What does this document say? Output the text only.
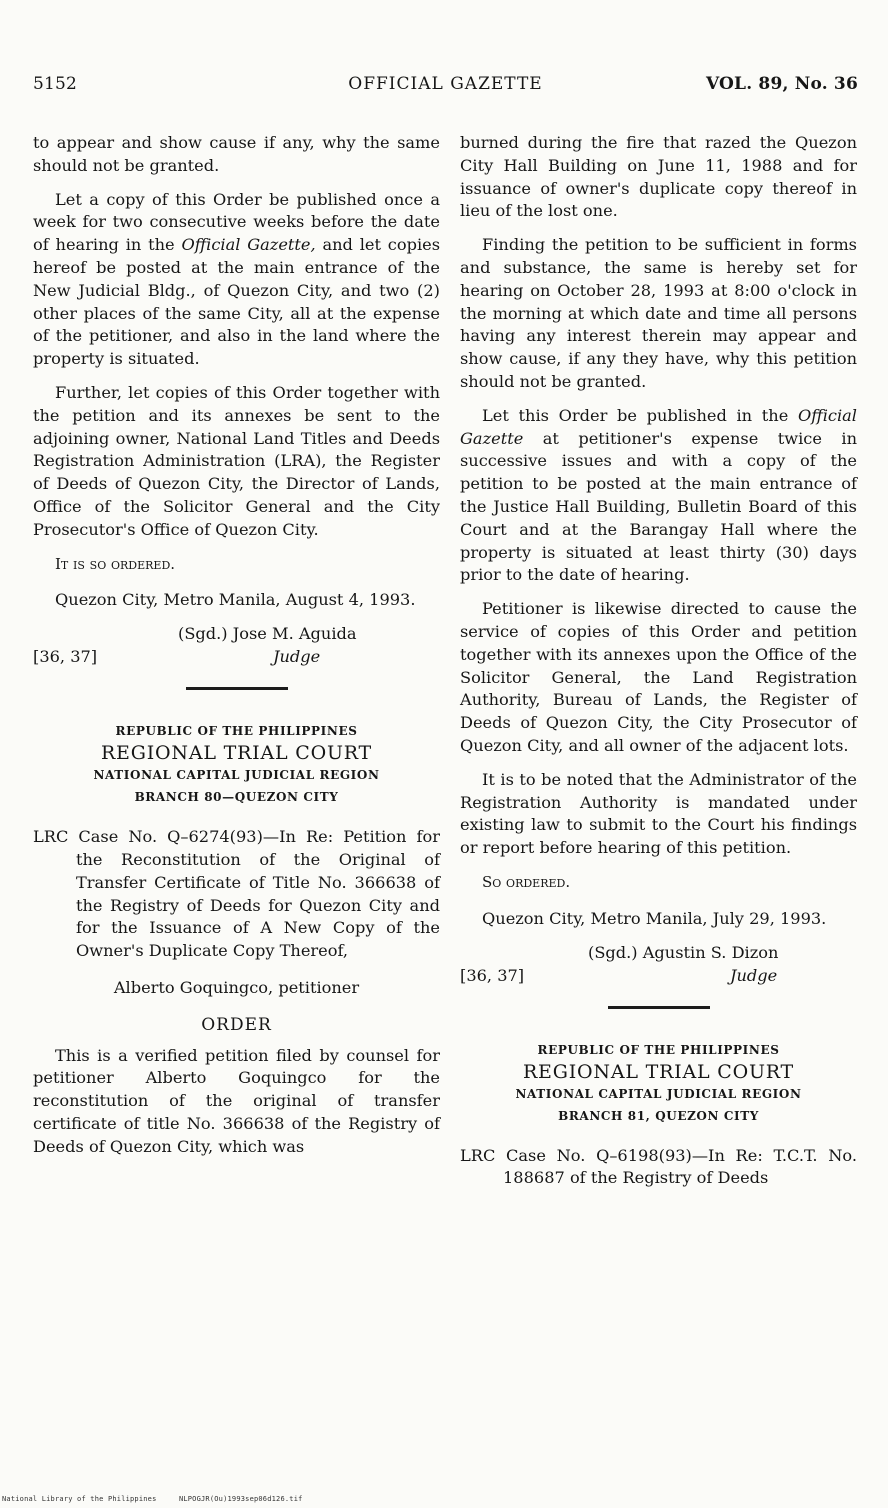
5152	OFFICIAL GAZETTE	VOL. 89, No. 36

to appear and show cause if any, why the same should not be granted.

Let a copy of this Order be published once a week for two consecutive weeks before the date of hearing in the Official Gazette, and let copies hereof be posted at the main entrance of the New Judicial Bldg., of Quezon City, and two (2) other places of the same City, all at the expense of the petitioner, and also in the land where the property is situated.

Further, let copies of this Order together with the petition and its annexes be sent to the adjoining owner, National Land Titles and Deeds Registration Administration (LRA), the Register of Deeds of Quezon City, the Director of Lands, Office of the Solicitor General and the City Prosecutor's Office of Quezon City.

It is so ordered.

Quezon City, Metro Manila, August 4, 1993.

(Sgd.) Jose M. Aguida
Judge
[36, 37]
REPUBLIC OF THE PHILIPPINES
REGIONAL TRIAL COURT
NATIONAL CAPITAL JUDICIAL REGION
BRANCH 80—QUEZON CITY

LRC Case No. Q–6274(93)—In Re: Petition for the Reconstitution of the Original of Transfer Certificate of Title No. 366638 of the Registry of Deeds for Quezon City and for the Issuance of A New Copy of the Owner's Duplicate Copy Thereof,

Alberto Goquingco, petitioner
ORDER

This is a verified petition filed by counsel for petitioner Alberto Goquingco for the reconstitution of the original of transfer certificate of title No. 366638 of the Registry of Deeds of Quezon City, which was

burned during the fire that razed the Quezon City Hall Building on June 11, 1988 and for issuance of owner's duplicate copy thereof in lieu of the lost one.

Finding the petition to be sufficient in forms and substance, the same is hereby set for hearing on October 28, 1993 at 8:00 o'clock in the morning at which date and time all persons having any interest therein may appear and show cause, if any they have, why this petition should not be granted.

Let this Order be published in the Official Gazette at petitioner's expense twice in successive issues and with a copy of the petition to be posted at the main entrance of the Justice Hall Building, Bulletin Board of this Court and at the Barangay Hall where the property is situated at least thirty (30) days prior to the date of hearing.

Petitioner is likewise directed to cause the service of copies of this Order and petition together with its annexes upon the Office of the Solicitor General, the Land Registration Authority, Bureau of Lands, the Register of Deeds of Quezon City, the City Prosecutor of Quezon City, and all owner of the adjacent lots.

It is to be noted that the Administrator of the Registration Authority is mandated under existing law to submit to the Court his findings or report before hearing of this petition.

So ordered.

Quezon City, Metro Manila, July 29, 1993.

(Sgd.) Agustin S. Dizon
Judge
[36, 37]
REPUBLIC OF THE PHILIPPINES
REGIONAL TRIAL COURT
NATIONAL CAPITAL JUDICIAL REGION
BRANCH 81, QUEZON CITY

LRC Case No. Q–6198(93)—In Re: T.C.T. No. 188687 of the Registry of Deeds

National Library of the Philippines	NLPOGJR(Ou)1993sep06d126.tif
